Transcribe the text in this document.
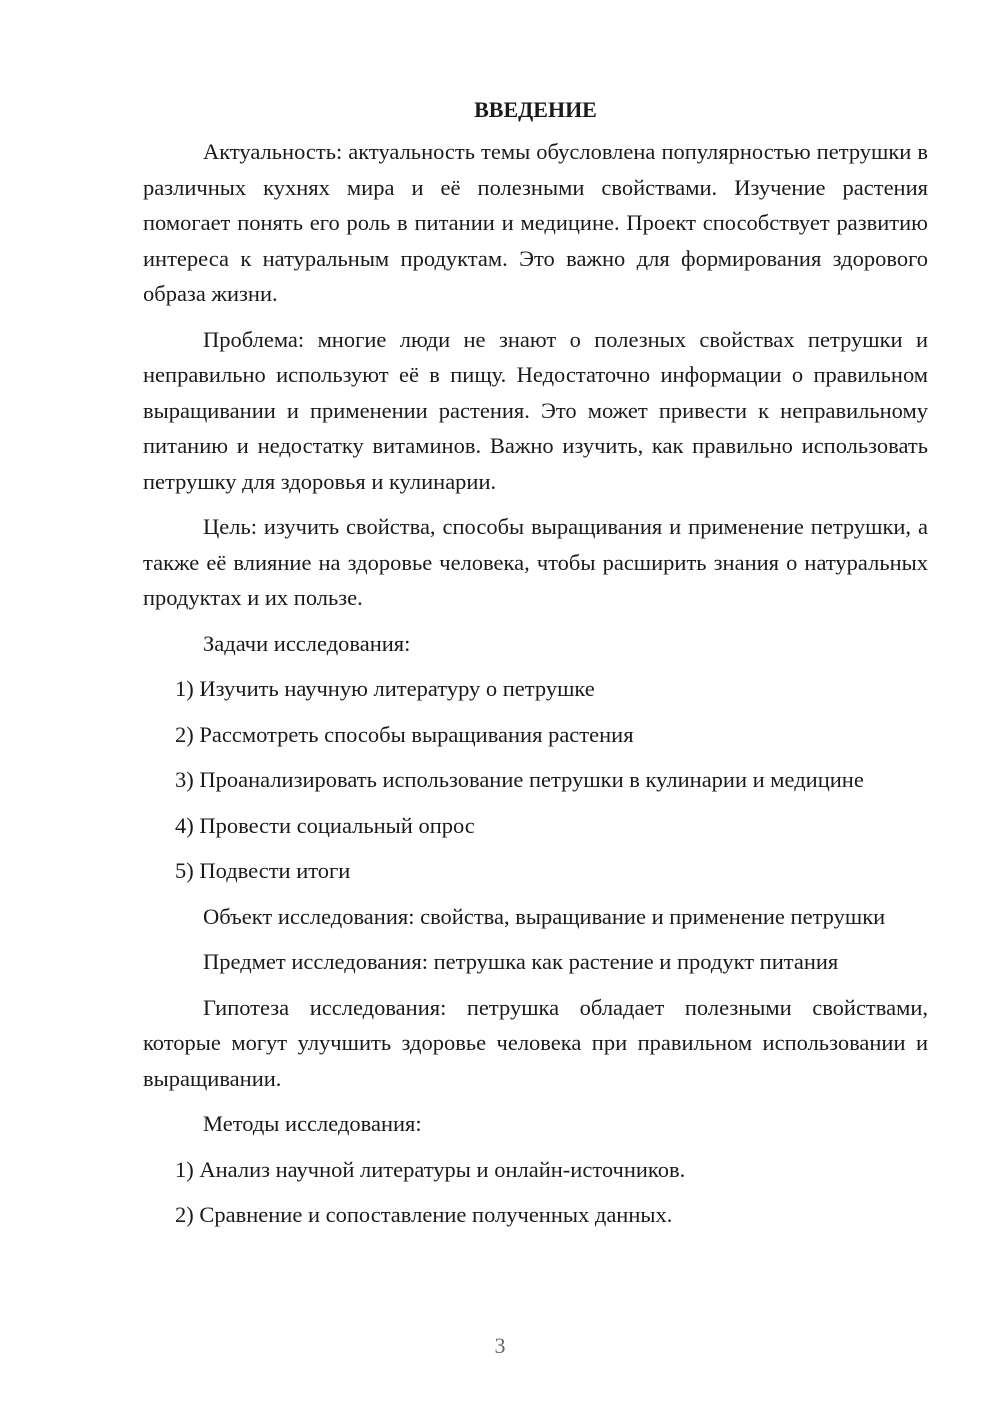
ВВЕДЕНИЕ

Актуальность: актуальность темы обусловлена популярностью петрушки в различных кухнях мира и её полезными свойствами. Изучение растения помогает понять его роль в питании и медицине. Проект способствует развитию интереса к натуральным продуктам. Это важно для формирования здорового образа жизни.

Проблема: многие люди не знают о полезных свойствах петрушки и неправильно используют её в пищу. Недостаточно информации о правильном выращивании и применении растения. Это может привести к неправильному питанию и недостатку витаминов. Важно изучить, как правильно использовать петрушку для здоровья и кулинарии.

Цель: изучить свойства, способы выращивания и применение петрушки, а также её влияние на здоровье человека, чтобы расширить знания о натуральных продуктах и их пользе.

Задачи исследования:

1) Изучить научную литературу о петрушке

2) Рассмотреть способы выращивания растения

3) Проанализировать использование петрушки в кулинарии и медицине

4) Провести социальный опрос

5) Подвести итоги

Объект исследования: свойства, выращивание и применение петрушки

Предмет исследования: петрушка как растение и продукт питания

Гипотеза исследования: петрушка обладает полезными свойствами, которые могут улучшить здоровье человека при правильном использовании и выращивании.

Методы исследования:

1) Анализ научной литературы и онлайн-источников.

2) Сравнение и сопоставление полученных данных.

3
